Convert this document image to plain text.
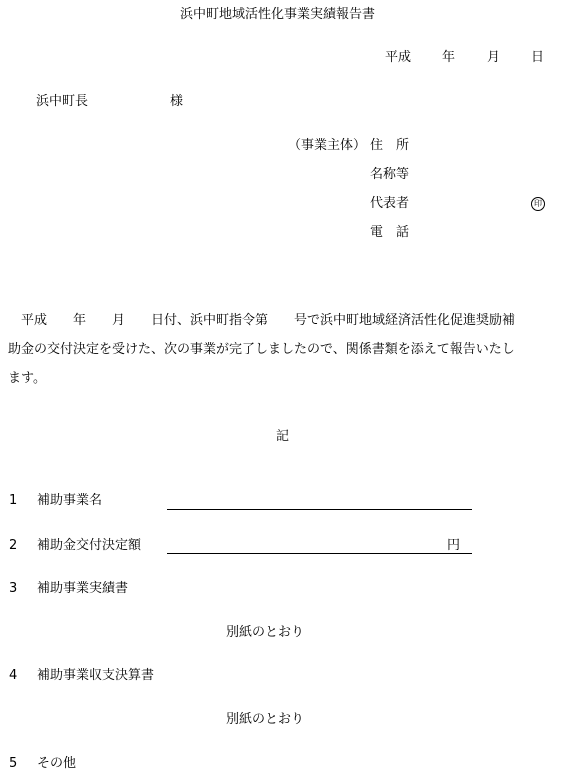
浜中町地域活性化事業実績報告書
平成 年 月 日
浜中町長	様
（事業主体） 住　所
名称等
代表者	印
電　話
　平成　　年　　月　　日付、浜中町指令第　　号で浜中町地域経済活性化促進奨励補
助金の交付決定を受けた、次の事業が完了しましたので、関係書類を添えて報告いたし
ます。
記
1 補助事業名
2 補助金交付決定額	円
3 補助事業実績書
別紙のとおり
4 補助事業収支決算書
別紙のとおり
5 その他
